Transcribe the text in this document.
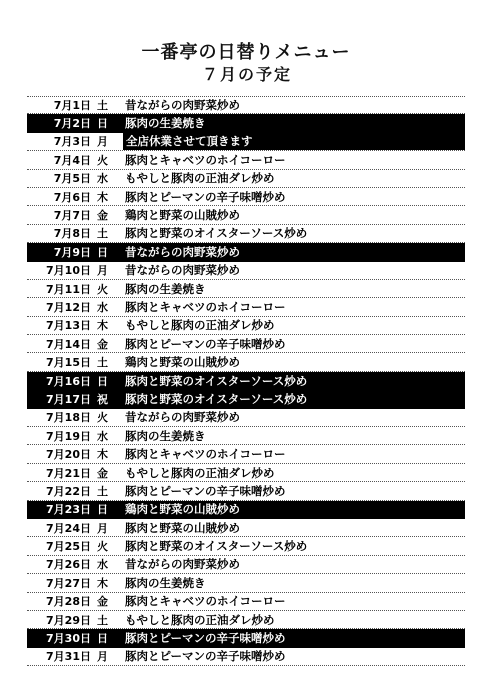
一番亭の日替りメニュー
７月の予定
7月1日 土	昔ながらの肉野菜炒め
7月2日 日	豚肉の生姜焼き
7月3日 月	全店休業させて頂きます
7月4日 火	豚肉とキャベツのホイコーロー
7月5日 水	もやしと豚肉の正油ダレ炒め
7月6日 木	豚肉とピーマンの辛子味噌炒め
7月7日 金	鶏肉と野菜の山賊炒め
7月8日 土	豚肉と野菜のオイスターソース炒め
7月9日 日	昔ながらの肉野菜炒め
7月10日 月	昔ながらの肉野菜炒め
7月11日 火	豚肉の生姜焼き
7月12日 水	豚肉とキャベツのホイコーロー
7月13日 木	もやしと豚肉の正油ダレ炒め
7月14日 金	豚肉とピーマンの辛子味噌炒め
7月15日 土	鶏肉と野菜の山賊炒め
7月16日 日	豚肉と野菜のオイスターソース炒め
7月17日 祝	豚肉と野菜のオイスターソース炒め
7月18日 火	昔ながらの肉野菜炒め
7月19日 水	豚肉の生姜焼き
7月20日 木	豚肉とキャベツのホイコーロー
7月21日 金	もやしと豚肉の正油ダレ炒め
7月22日 土	豚肉とピーマンの辛子味噌炒め
7月23日 日	鶏肉と野菜の山賊炒め
7月24日 月	豚肉と野菜の山賊炒め
7月25日 火	豚肉と野菜のオイスターソース炒め
7月26日 水	昔ながらの肉野菜炒め
7月27日 木	豚肉の生姜焼き
7月28日 金	豚肉とキャベツのホイコーロー
7月29日 土	もやしと豚肉の正油ダレ炒め
7月30日 日	豚肉とピーマンの辛子味噌炒め
7月31日 月	豚肉とピーマンの辛子味噌炒め
